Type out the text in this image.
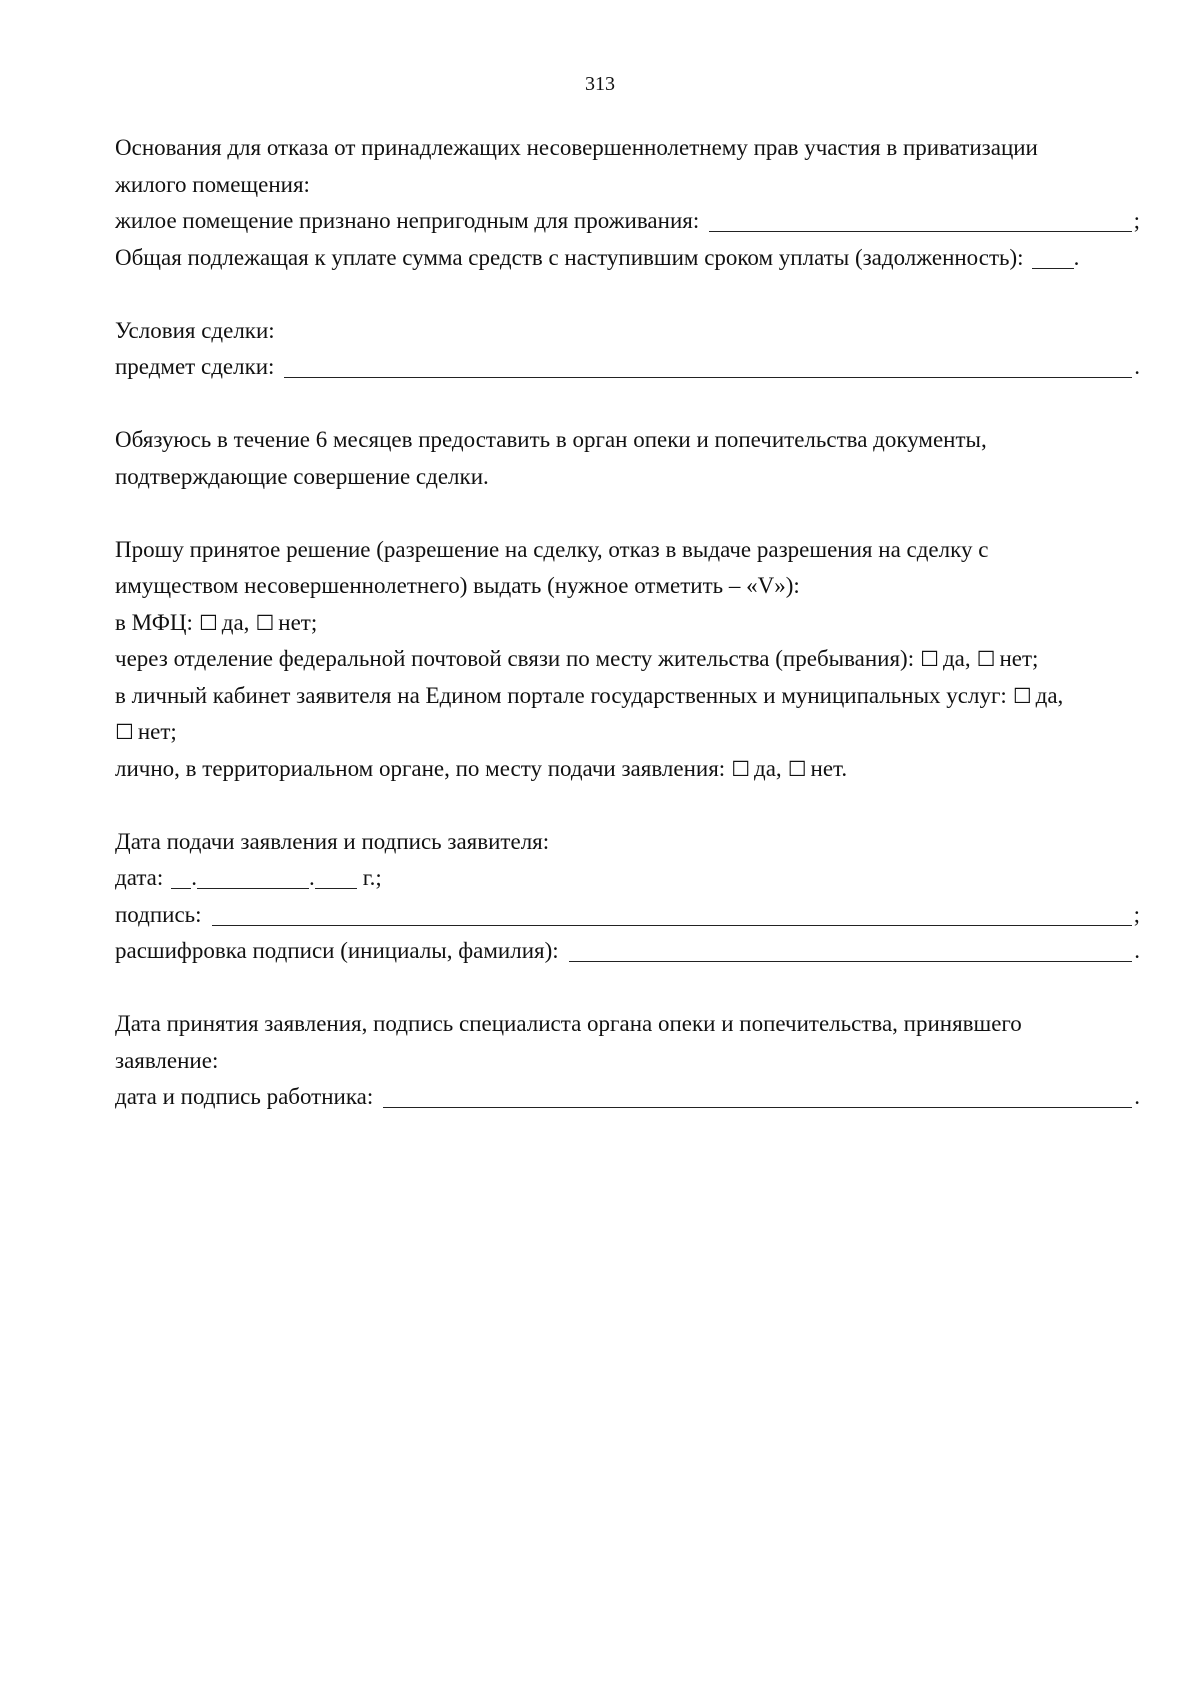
313
Основания для отказа от принадлежащих несовершеннолетнему прав участия в приватизации
жилого помещения:
жилое помещение признано непригодным для проживания:	;
Общая подлежащая к уплате сумма средств с наступившим сроком уплаты (задолженность): .
Условия сделки:
предмет сделки:	.
Обязуюсь в течение 6 месяцев предоставить в орган опеки и попечительства документы,
подтверждающие совершение сделки.
Прошу принятое решение (разрешение на сделку, отказ в выдаче разрешения на сделку с
имуществом несовершеннолетнего) выдать (нужное отметить – «V»):
в МФЦ: ☐ да, ☐ нет;
через отделение федеральной почтовой связи по месту жительства (пребывания): ☐ да, ☐ нет;
в личный кабинет заявителя на Едином портале государственных и муниципальных услуг: ☐ да,
☐ нет;
лично, в территориальном органе, по месту подачи заявления: ☐ да, ☐ нет.
Дата подачи заявления и подпись заявителя:
дата: .	. г.;
подпись:	;
расшифровка подписи (инициалы, фамилия):	.
Дата принятия заявления, подпись специалиста органа опеки и попечительства, принявшего
заявление:
дата и подпись работника:	.
